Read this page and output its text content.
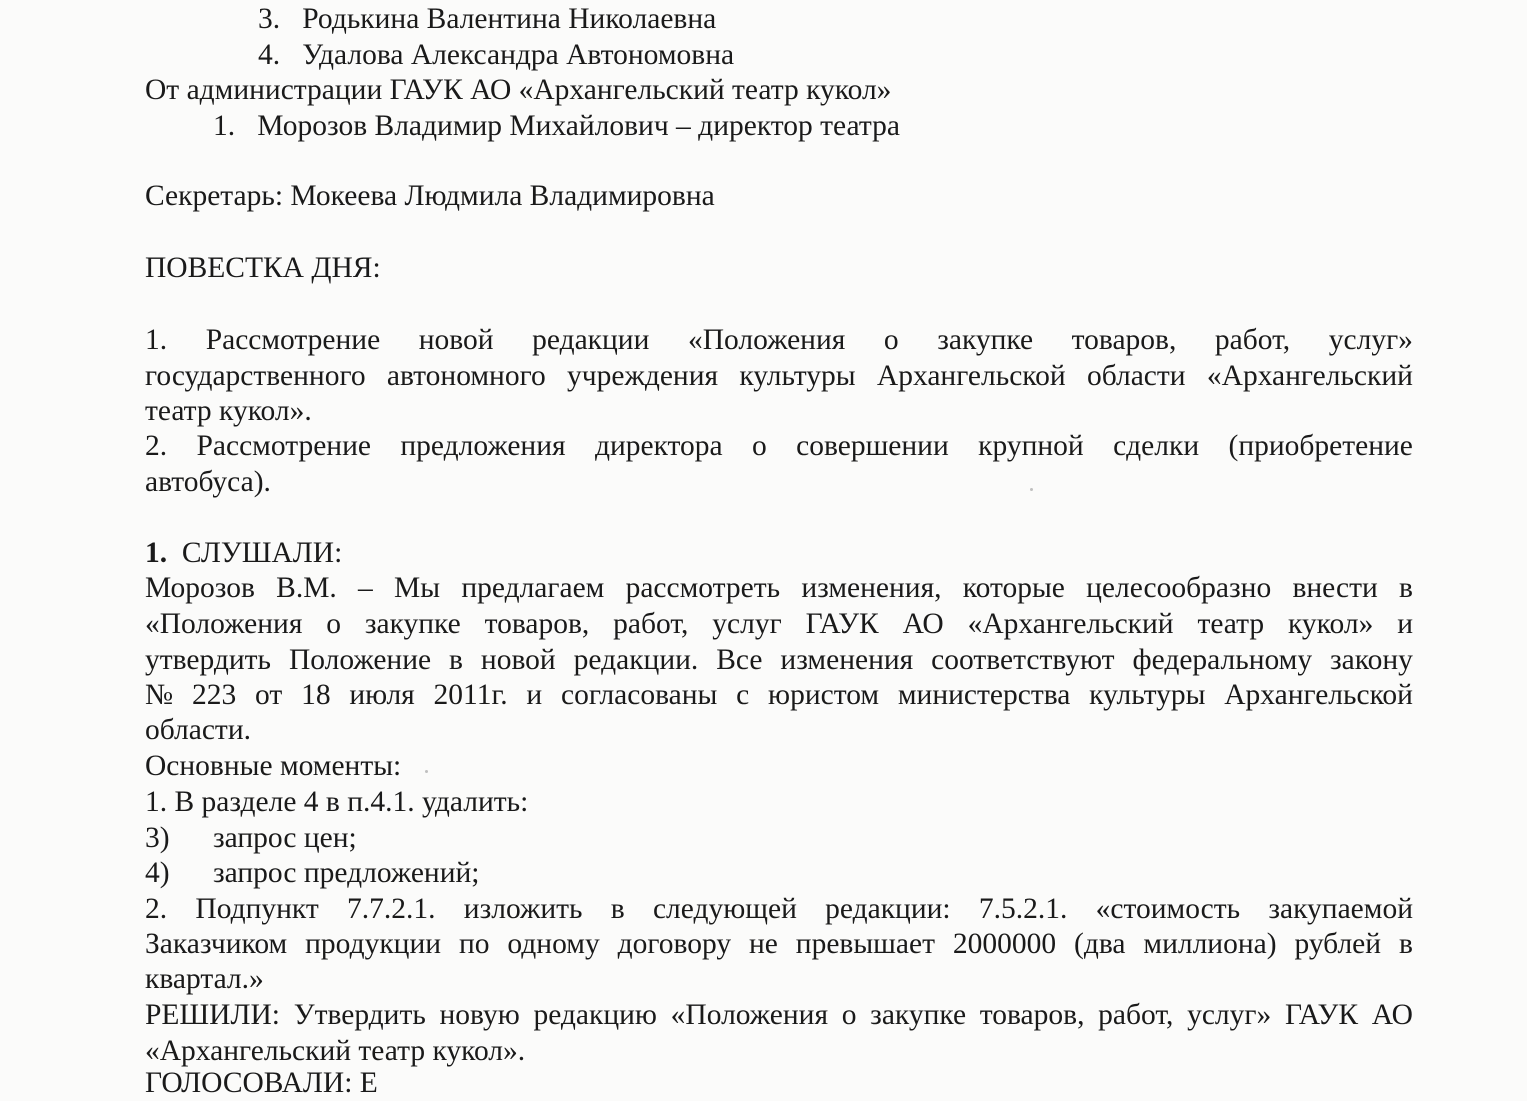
3. Родькина Валентина Николаевна
4. Удалова Александра Автономовна
От администрации ГАУК АО «Архангельский театр кукол»
1. Морозов Владимир Михайлович – директор театра
Секретарь: Мокеева Людмила Владимировна
ПОВЕСТКА ДНЯ:
1. Рассмотрение новой редакции «Положения о закупке товаров, работ, услуг»
государственного автономного учреждения культуры Архангельской области «Архангельский
театр кукол».
2. Рассмотрение предложения директора о совершении крупной сделки (приобретение
автобуса).
1. СЛУШАЛИ:
Морозов В.М. – Мы предлагаем рассмотреть изменения, которые целесообразно внести в
«Положения о закупке товаров, работ, услуг ГАУК АО «Архангельский театр кукол» и
утвердить Положение в новой редакции. Все изменения соответствуют федеральному закону
№ 223 от 18 июля 2011г. и согласованы с юристом министерства культуры Архангельской
области.
Основные моменты:
1. В разделе 4 в п.4.1. удалить:
3) запрос цен;
4) запрос предложений;
2. Подпункт 7.7.2.1. изложить в следующей редакции: 7.5.2.1. «стоимость закупаемой
Заказчиком продукции по одному договору не превышает 2000000 (два миллиона) рублей в
квартал.»
РЕШИЛИ: Утвердить новую редакцию «Положения о закупке товаров, работ, услуг» ГАУК АО
«Архангельский театр кукол».
ГОЛОСОВАЛИ: Е
